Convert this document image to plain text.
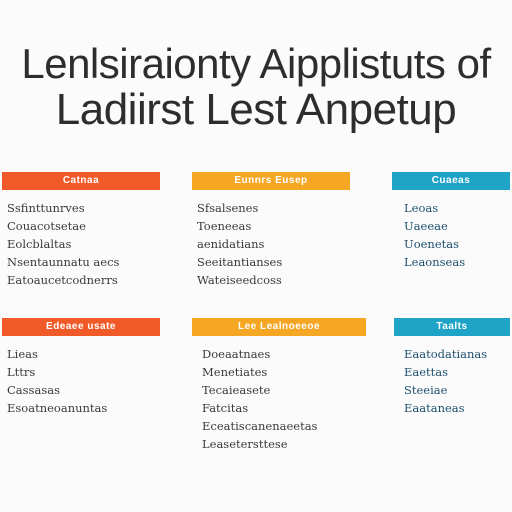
Lenlsiraionty Aipplistuts of
Ladiirst Lest Anpetup
Catnaa
Ssfinttunrves
Couacotsetae
Eolcblaltas
Nsentaunnatu aecs
Eatoaucetcodnerrs
Eunnrs Eusep
Sfsalsenes
Toeneeas
aenidatians
Seeitantianses
Wateiseedcoss
Cuaeas
Leoas
Uaeeae
Uoenetas
Leaonseas
Edeaee usate
Lieas
Lttrs
Cassasas
Esoatneoanuntas
Lee Lealnoeeoe
Doeaatnaes
Menetiates
Tecaieasete
Fatcitas
Eceatiscanenaeetas
Leasetersttese
Taalts
Eaatodatianas
Eaettas
Steeiae
Eaataneas
